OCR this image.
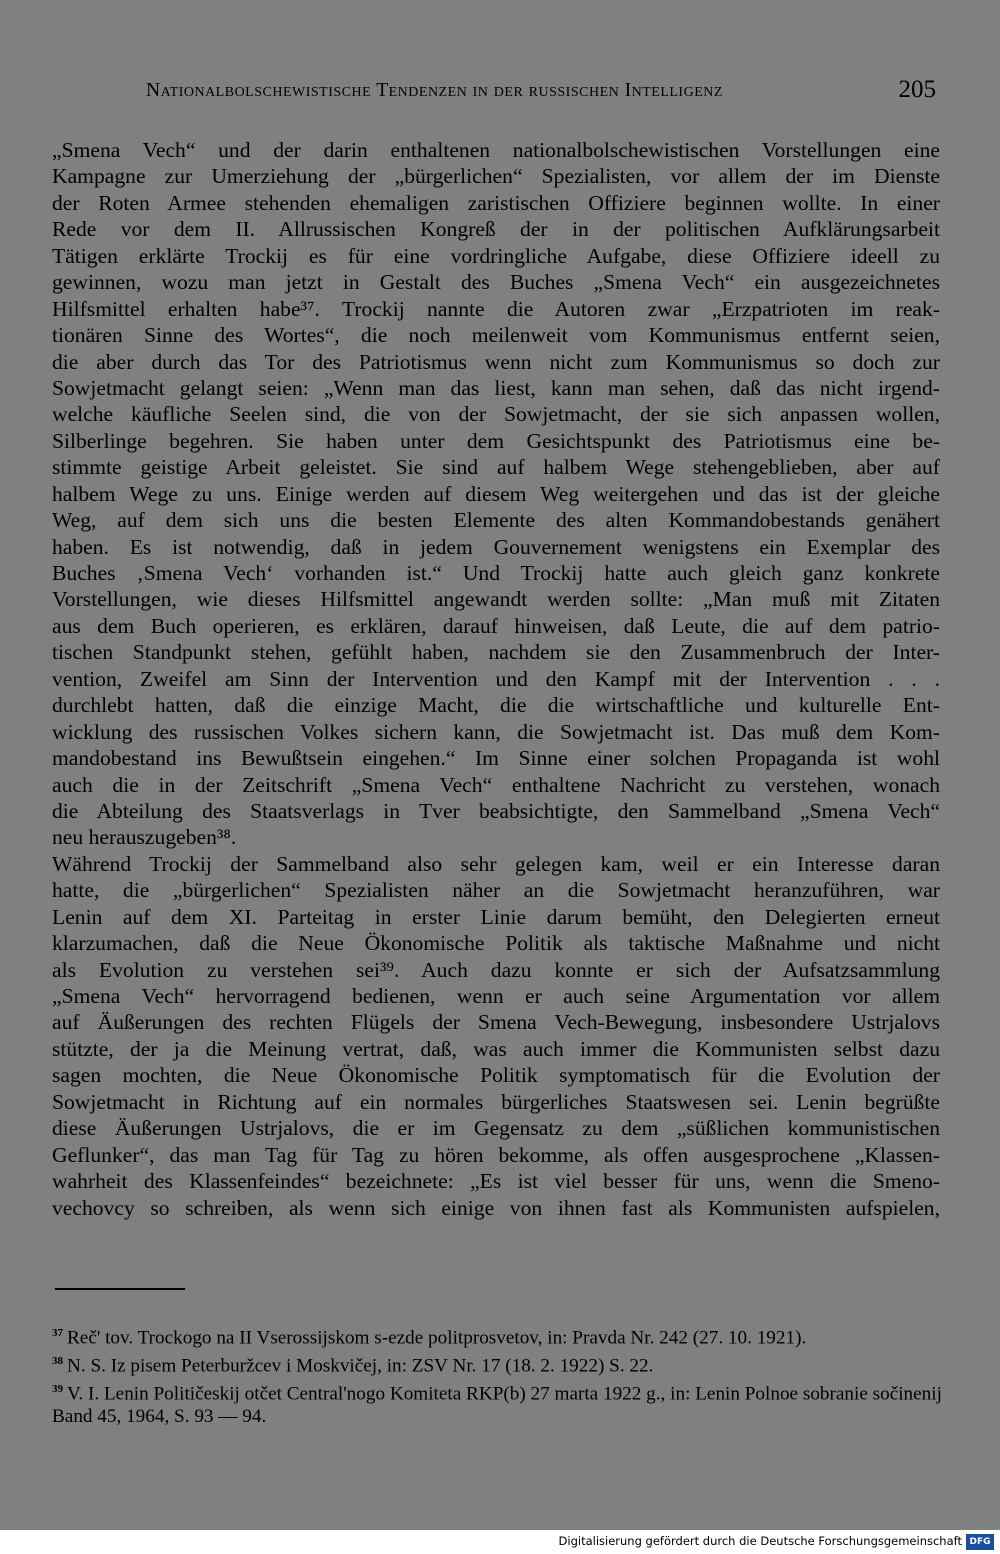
Nationalbolschewistische Tendenzen in der russischen Intelligenz	205
„Smena Vech“ und der darin enthaltenen nationalbolschewistischen Vorstellungen eine
Kampagne zur Umerziehung der „bürgerlichen“ Spezialisten, vor allem der im Dienste
der Roten Armee stehenden ehemaligen zaristischen Offiziere beginnen wollte. In einer
Rede vor dem II. Allrussischen Kongreß der in der politischen Aufklärungsarbeit
Tätigen erklärte Trockij es für eine vordringliche Aufgabe, diese Offiziere ideell zu
gewinnen, wozu man jetzt in Gestalt des Buches „Smena Vech“ ein ausgezeichnetes
Hilfsmittel erhalten habe³⁷. Trockij nannte die Autoren zwar „Erzpatrioten im reak-
tionären Sinne des Wortes“, die noch meilenweit vom Kommunismus entfernt seien,
die aber durch das Tor des Patriotismus wenn nicht zum Kommunismus so doch zur
Sowjetmacht gelangt seien: „Wenn man das liest, kann man sehen, daß das nicht irgend-
welche käufliche Seelen sind, die von der Sowjetmacht, der sie sich anpassen wollen,
Silberlinge begehren. Sie haben unter dem Gesichtspunkt des Patriotismus eine be-
stimmte geistige Arbeit geleistet. Sie sind auf halbem Wege stehengeblieben, aber auf
halbem Wege zu uns. Einige werden auf diesem Weg weitergehen und das ist der gleiche
Weg, auf dem sich uns die besten Elemente des alten Kommandobestands genähert
haben. Es ist notwendig, daß in jedem Gouvernement wenigstens ein Exemplar des
Buches ‚Smena Vech‘ vorhanden ist.“ Und Trockij hatte auch gleich ganz konkrete
Vorstellungen, wie dieses Hilfsmittel angewandt werden sollte: „Man muß mit Zitaten
aus dem Buch operieren, es erklären, darauf hinweisen, daß Leute, die auf dem patrio-
tischen Standpunkt stehen, gefühlt haben, nachdem sie den Zusammenbruch der Inter-
vention, Zweifel am Sinn der Intervention und den Kampf mit der Intervention . . .
durchlebt hatten, daß die einzige Macht, die die wirtschaftliche und kulturelle Ent-
wicklung des russischen Volkes sichern kann, die Sowjetmacht ist. Das muß dem Kom-
mandobestand ins Bewußtsein eingehen.“ Im Sinne einer solchen Propaganda ist wohl
auch die in der Zeitschrift „Smena Vech“ enthaltene Nachricht zu verstehen, wonach
die Abteilung des Staatsverlags in Tver beabsichtigte, den Sammelband „Smena Vech“
neu herauszugeben³⁸.
Während Trockij der Sammelband also sehr gelegen kam, weil er ein Interesse daran
hatte, die „bürgerlichen“ Spezialisten näher an die Sowjetmacht heranzuführen, war
Lenin auf dem XI. Parteitag in erster Linie darum bemüht, den Delegierten erneut
klarzumachen, daß die Neue Ökonomische Politik als taktische Maßnahme und nicht
als Evolution zu verstehen sei³⁹. Auch dazu konnte er sich der Aufsatzsammlung
„Smena Vech“ hervorragend bedienen, wenn er auch seine Argumentation vor allem
auf Äußerungen des rechten Flügels der Smena Vech-Bewegung, insbesondere Ustrjalovs
stützte, der ja die Meinung vertrat, daß, was auch immer die Kommunisten selbst dazu
sagen mochten, die Neue Ökonomische Politik symptomatisch für die Evolution der
Sowjetmacht in Richtung auf ein normales bürgerliches Staatswesen sei. Lenin begrüßte
diese Äußerungen Ustrjalovs, die er im Gegensatz zu dem „süßlichen kommunistischen
Geflunker“, das man Tag für Tag zu hören bekomme, als offen ausgesprochene „Klassen-
wahrheit des Klassenfeindes“ bezeichnete: „Es ist viel besser für uns, wenn die Smeno-
vechovcy so schreiben, als wenn sich einige von ihnen fast als Kommunisten aufspielen,
$^{37}$ Reč' tov. Trockogo na II Vserossijskom s-ezde politprosvetov, in: Pravda Nr. 242 (27. 10. 1921).
$^{38}$ N. S. Iz pisem Peterburžcev i Moskvičej, in: ZSV Nr. 17 (18. 2. 1922) S. 22.
$^{39}$ V. I. Lenin Političeskij otčet Central'nogo Komiteta RKP(b) 27 marta 1922 g., in: Lenin Polnoe sobranie sočinenij Band 45, 1964, S. 93 — 94.
Digitalisierung gefördert durch die Deutsche Forschungsgemeinschaft DFG
